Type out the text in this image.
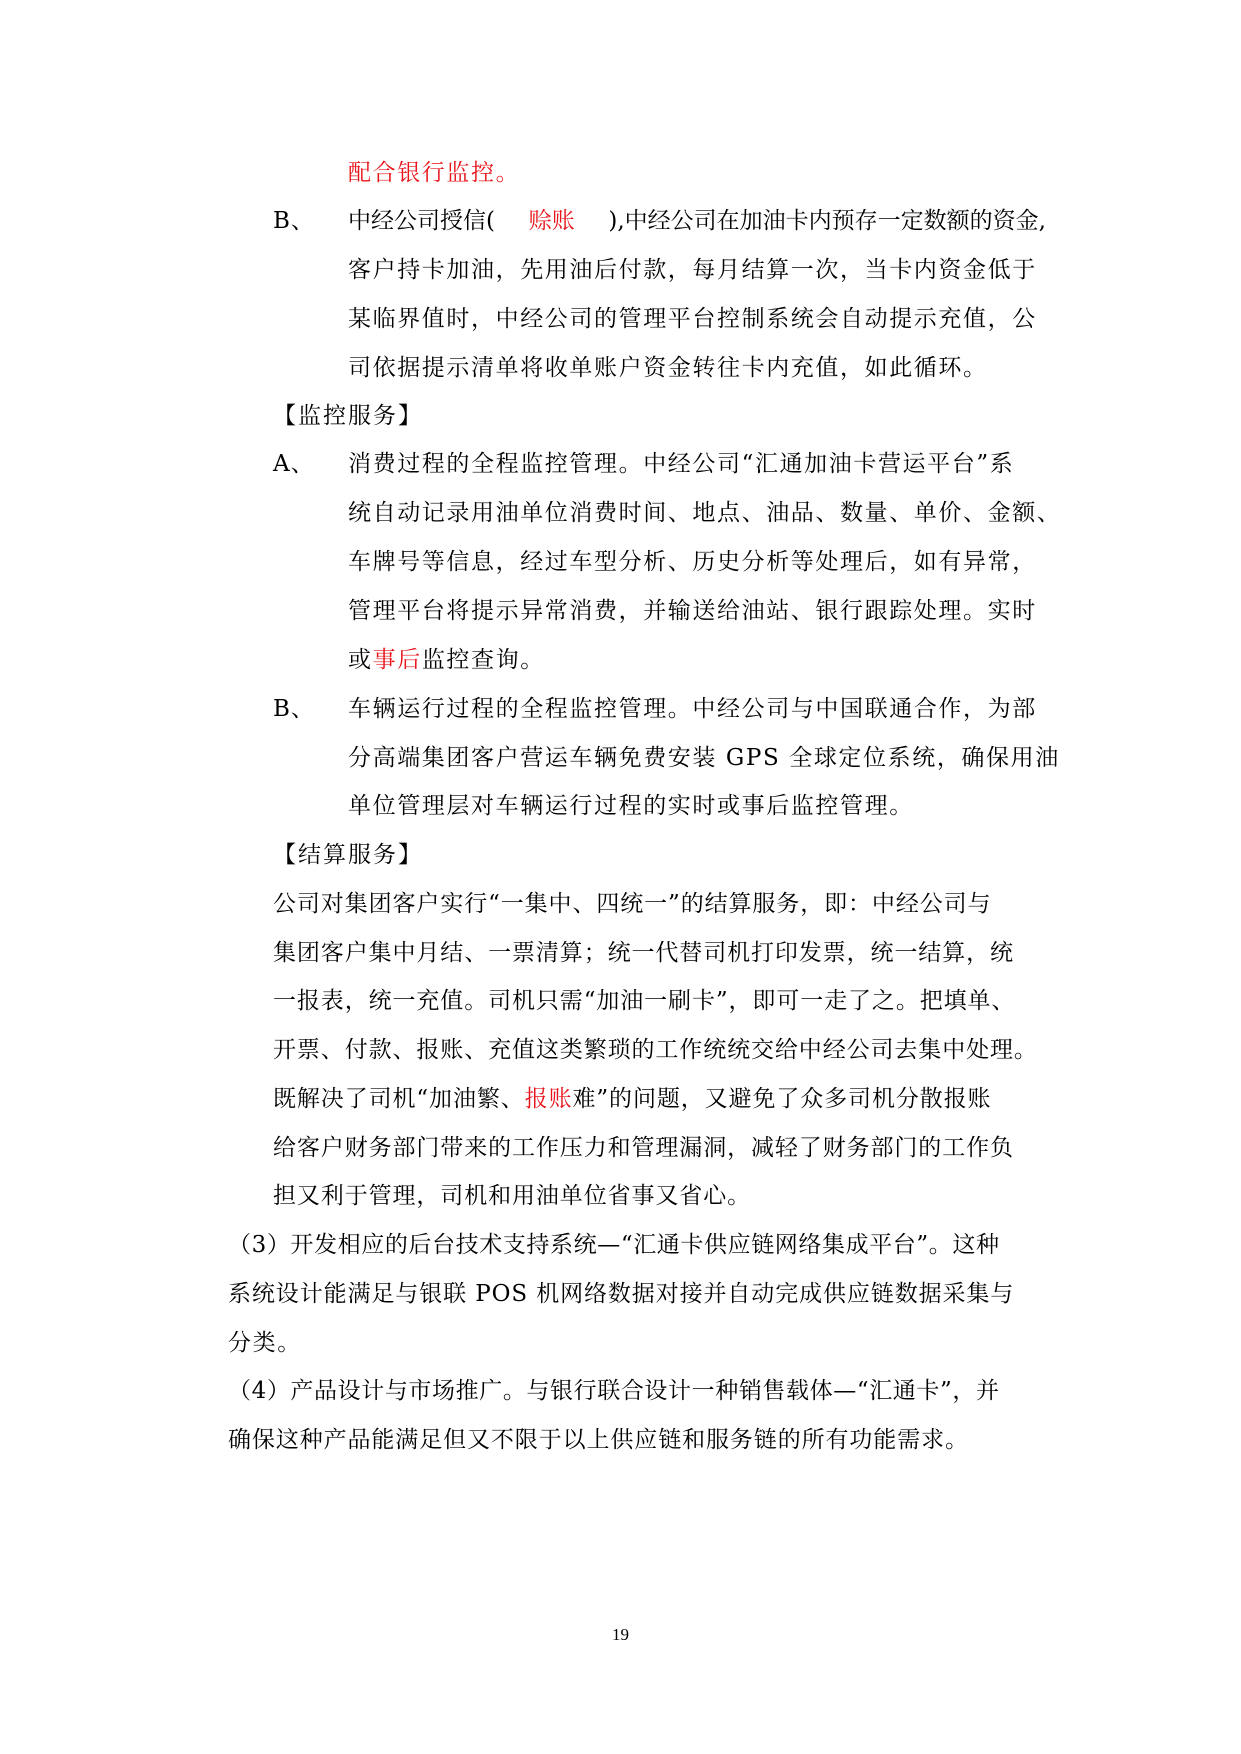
配合银行监控。
B、 中经公司授信( 赊账 ),中经公司在加油卡内预存一定数额的资金,
客户持卡加油，先用油后付款，每月结算一次，当卡内资金低于
某临界值时，中经公司的管理平台控制系统会自动提示充值，公
司依据提示清单将收单账户资金转往卡内充值，如此循环。
【监控服务】
A、 消费过程的全程监控管理。中经公司“汇通加油卡营运平台”系
统自动记录用油单位消费时间、地点、油品、数量、单价、金额、
车牌号等信息，经过车型分析、历史分析等处理后，如有异常，
管理平台将提示异常消费，并输送给油站、银行跟踪处理。实时
或事后监控查询。
B、 车辆运行过程的全程监控管理。中经公司与中国联通合作，为部
分高端集团客户营运车辆免费安装 GPS 全球定位系统，确保用油
单位管理层对车辆运行过程的实时或事后监控管理。
【结算服务】
公司对集团客户实行“一集中、四统一”的结算服务，即：中经公司与
集团客户集中月结、一票清算；统一代替司机打印发票，统一结算，统
一报表，统一充值。司机只需“加油一刷卡”，即可一走了之。把填单、
开票、付款、报账、充值这类繁琐的工作统统交给中经公司去集中处理。
既解决了司机“加油繁、报账难”的问题，又避免了众多司机分散报账
给客户财务部门带来的工作压力和管理漏洞，减轻了财务部门的工作负
担又利于管理，司机和用油单位省事又省心。
（3）开发相应的后台技术支持系统—“汇通卡供应链网络集成平台”。这种
系统设计能满足与银联 POS 机网络数据对接并自动完成供应链数据采集与
分类。
（4）产品设计与市场推广。与银行联合设计一种销售载体—“汇通卡”，并
确保这种产品能满足但又不限于以上供应链和服务链的所有功能需求。
19
